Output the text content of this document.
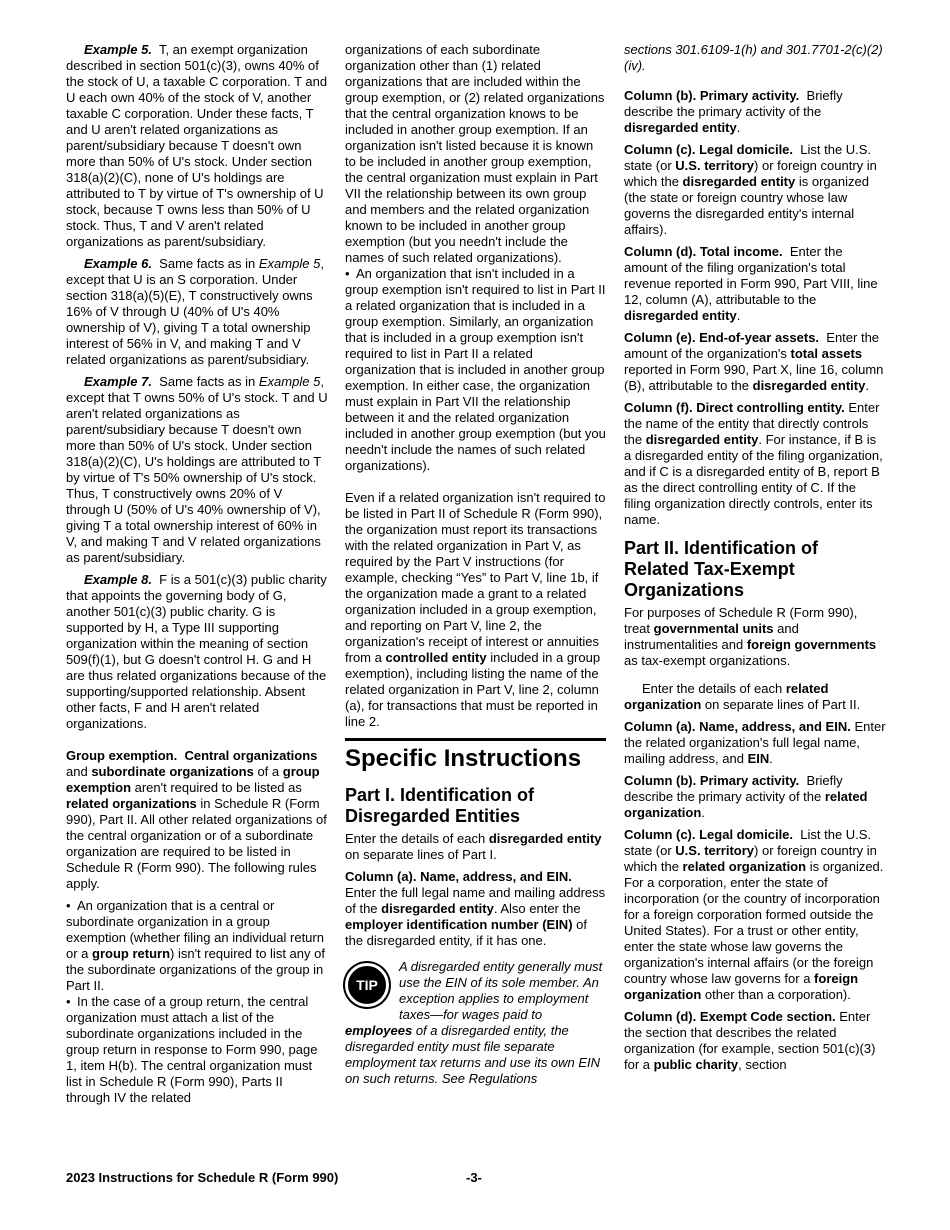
Example 5. T, an exempt organization described in section 501(c)(3), owns 40% of the stock of U, a taxable C corporation. T and U each own 40% of the stock of V, another taxable C corporation. Under these facts, T and U aren't related organizations as parent/subsidiary because T doesn't own more than 50% of U's stock. Under section 318(a)(2)(C), none of U's holdings are attributed to T by virtue of T's ownership of U stock, because T owns less than 50% of U stock. Thus, T and V aren't related organizations as parent/subsidiary.

Example 6. Same facts as in Example 5, except that U is an S corporation. Under section 318(a)(5)(E), T constructively owns 16% of V through U (40% of U's 40% ownership of V), giving T a total ownership interest of 56% in V, and making T and V related organizations as parent/subsidiary.

Example 7. Same facts as in Example 5, except that T owns 50% of U's stock. T and U aren't related organizations as parent/subsidiary because T doesn't own more than 50% of U's stock. Under section 318(a)(2)(C), U's holdings are attributed to T by virtue of T's 50% ownership of U's stock. Thus, T constructively owns 20% of V through U (50% of U's 40% ownership of V), giving T a total ownership interest of 60% in V, and making T and V related organizations as parent/subsidiary.

Example 8. F is a 501(c)(3) public charity that appoints the governing body of G, another 501(c)(3) public charity. G is supported by H, a Type III supporting organization within the meaning of section 509(f)(1), but G doesn't control H. G and H are thus related organizations because of the supporting/supported relationship. Absent other facts, F and H aren't related organizations.

Group exemption. Central organizations and subordinate organizations of a group exemption aren't required to be listed as related organizations in Schedule R (Form 990), Part II. All other related organizations of the central organization or of a subordinate organization are required to be listed in Schedule R (Form 990). The following rules apply.

• An organization that is a central or subordinate organization in a group exemption (whether filing an individual return or a group return) isn't required to list any of the subordinate organizations of the group in Part II.

• In the case of a group return, the central organization must attach a list of the subordinate organizations included in the group return in response to Form 990, page 1, item H(b). The central organization must list in Schedule R (Form 990), Parts II through IV the related

organizations of each subordinate organization other than (1) related organizations that are included within the group exemption, or (2) related organizations that the central organization knows to be included in another group exemption. If an organization isn't listed because it is known to be included in another group exemption, the central organization must explain in Part VII the relationship between its own group and members and the related organization known to be included in another group exemption (but you needn't include the names of such related organizations).

• An organization that isn't included in a group exemption isn't required to list in Part II a related organization that is included in a group exemption. Similarly, an organization that is included in a group exemption isn't required to list in Part II a related organization that is included in another group exemption. In either case, the organization must explain in Part VII the relationship between it and the related organization included in another group exemption (but you needn't include the names of such related organizations).

Even if a related organization isn't required to be listed in Part II of Schedule R (Form 990), the organization must report its transactions with the related organization in Part V, as required by the Part V instructions (for example, checking “Yes” to Part V, line 1b, if the organization made a grant to a related organization included in a group exemption, and reporting on Part V, line 2, the organization's receipt of interest or annuities from a controlled entity included in a group exemption), including listing the name of the related organization in Part V, line 2, column (a), for transactions that must be reported in line 2.

Specific Instructions
Part I. Identification of Disregarded Entities

Enter the details of each disregarded entity on separate lines of Part I.

Column (a). Name, address, and EIN. Enter the full legal name and mailing address of the disregarded entity. Also enter the employer identification number (EIN) of the disregarded entity, if it has one.

TIP
A disregarded entity generally must use the EIN of its sole member. An exception applies to employment taxes—for wages paid to employees of a disregarded entity, the disregarded entity must file separate employment tax returns and use its own EIN on such returns. See Regulations

sections 301.6109-1(h) and 301.7701-2(c)(2)(iv).

Column (b). Primary activity. Briefly describe the primary activity of the disregarded entity.

Column (c). Legal domicile. List the U.S. state (or U.S. territory) or foreign country in which the disregarded entity is organized (the state or foreign country whose law governs the disregarded entity's internal affairs).

Column (d). Total income. Enter the amount of the filing organization's total revenue reported in Form 990, Part VIII, line 12, column (A), attributable to the disregarded entity.

Column (e). End-of-year assets. Enter the amount of the organization's total assets reported in Form 990, Part X, line 16, column (B), attributable to the disregarded entity.

Column (f). Direct controlling entity. Enter the name of the entity that directly controls the disregarded entity. For instance, if B is a disregarded entity of the filing organization, and if C is a disregarded entity of B, report B as the direct controlling entity of C. If the filing organization directly controls, enter its name.

Part II. Identification of Related Tax-Exempt Organizations

For purposes of Schedule R (Form 990), treat governmental units and instrumentalities and foreign governments as tax-exempt organizations.

Enter the details of each related organization on separate lines of Part II.

Column (a). Name, address, and EIN. Enter the related organization's full legal name, mailing address, and EIN.

Column (b). Primary activity. Briefly describe the primary activity of the related organization.

Column (c). Legal domicile. List the U.S. state (or U.S. territory) or foreign country in which the related organization is organized. For a corporation, enter the state of incorporation (or the country of incorporation for a foreign corporation formed outside the United States). For a trust or other entity, enter the state whose law governs the organization's internal affairs (or the foreign country whose law governs for a foreign organization other than a corporation).

Column (d). Exempt Code section. Enter the section that describes the related organization (for example, section 501(c)(3) for a public charity, section

2023 Instructions for Schedule R (Form 990)	-3-
